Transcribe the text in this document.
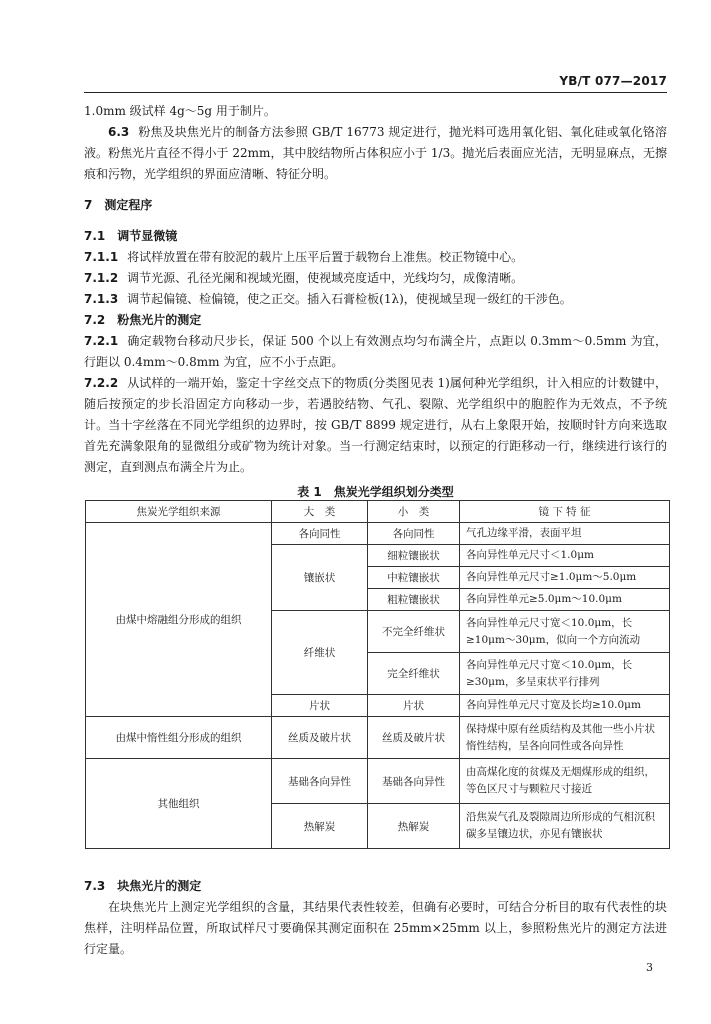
YB/T 077—2017

1.0mm 级试样 4g～5g 用于制片。

6.3 粉焦及块焦光片的制备方法参照 GB/T 16773 规定进行，抛光料可选用氧化铝、氧化硅或氧化铬溶液。粉焦光片直径不得小于 22mm，其中胶结物所占体积应小于 1/3。抛光后表面应光洁，无明显麻点，无擦痕和污物，光学组织的界面应清晰、特征分明。

7 测定程序
7.1 调节显微镜

7.1.1 将试样放置在带有胶泥的载片上压平后置于载物台上准焦。校正物镜中心。

7.1.2 调节光源、孔径光阑和视域光圈，使视域亮度适中，光线均匀，成像清晰。

7.1.3 调节起偏镜、检偏镜，使之正交。插入石膏检板(1λ)，使视域呈现一级红的干涉色。

7.2 粉焦光片的测定

7.2.1 确定载物台移动尺步长，保证 500 个以上有效测点均匀布满全片，点距以 0.3mm～0.5mm 为宜，行距以 0.4mm～0.8mm 为宜，应不小于点距。

7.2.2 从试样的一端开始，鉴定十字丝交点下的物质(分类图见表 1)属何种光学组织，计入相应的计数键中，随后按预定的步长沿固定方向移动一步，若遇胶结物、气孔、裂隙、光学组织中的胞腔作为无效点，不予统计。当十字丝落在不同光学组织的边界时，按 GB/T 8899 规定进行，从右上象限开始，按顺时针方向来选取首先充满象限角的显微组分或矿物为统计对象。当一行测定结束时，以预定的行距移动一行，继续进行该行的测定，直到测点布满全片为止。

表 1 焦炭光学组织划分类型
焦炭光学组织来源	大　类	小　类	镜 下 特 征
由煤中熔融组分形成的组织	各向同性	各向同性	气孔边缘平滑，表面平坦
	镶嵌状	细粒镶嵌状	各向异性单元尺寸＜1.0μm
		中粒镶嵌状	各向异性单元尺寸≥1.0μm～5.0μm
		粗粒镶嵌状	各向异性单元≥5.0μm～10.0μm
	纤维状	不完全纤维状	各向异性单元尺寸宽＜10.0μm，长≥10μm～30μm，似向一个方向流动
		完全纤维状	各向异性单元尺寸宽＜10.0μm，长≥30μm，多呈束状平行排列
	片状	片状	各向异性单元尺寸宽及长均≥10.0μm
由煤中惰性组分形成的组织	丝质及破片状	丝质及破片状	保持煤中原有丝质结构及其他一些小片状惰性结构，呈各向同性或各向异性
其他组织	基础各向异性	基础各向异性	由高煤化度的贫煤及无烟煤形成的组织，等色区尺寸与颗粒尺寸接近
	热解炭	热解炭	沿焦炭气孔及裂隙周边所形成的气相沉积碳多呈镶边状，亦见有镶嵌状
7.3 块焦光片的测定

在块焦光片上测定光学组织的含量，其结果代表性较差，但确有必要时，可结合分析目的取有代表性的块焦样，注明样品位置，所取试样尺寸要确保其测定面积在 25mm×25mm 以上，参照粉焦光片的测定方法进行定量。

3
